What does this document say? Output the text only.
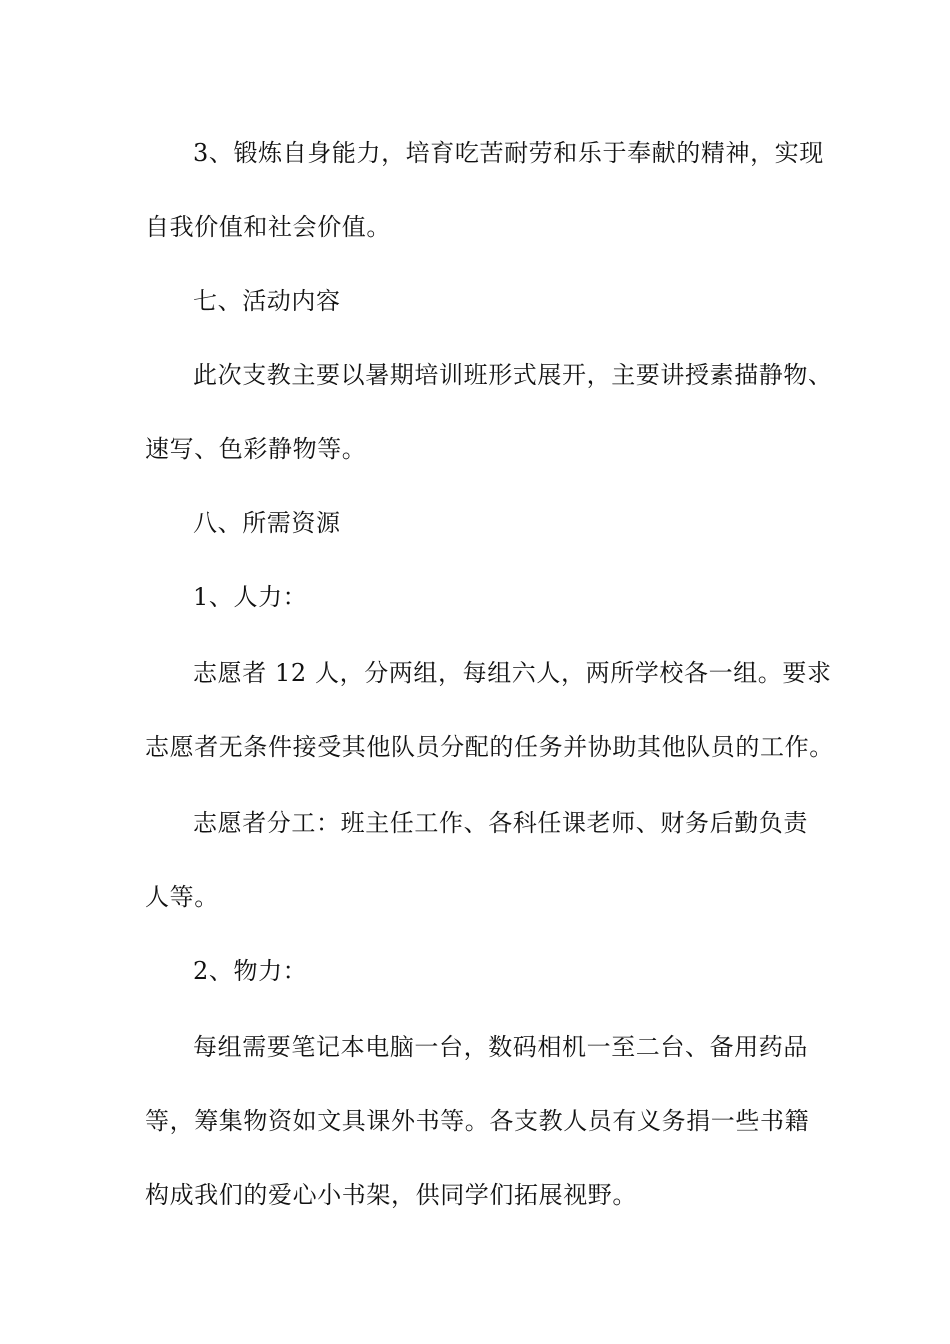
3、锻炼自身能力，培育吃苦耐劳和乐于奉献的精神，实现
自我价值和社会价值。
七、活动内容
此次支教主要以暑期培训班形式展开，主要讲授素描静物、
速写、色彩静物等。
八、所需资源
1、人力：
志愿者 12 人，分两组，每组六人，两所学校各一组。要求
志愿者无条件接受其他队员分配的任务并协助其他队员的工作。
志愿者分工：班主任工作、各科任课老师、财务后勤负责
人等。
2、物力：
每组需要笔记本电脑一台，数码相机一至二台、备用药品
等，筹集物资如文具课外书等。各支教人员有义务捐一些书籍
构成我们的爱心小书架，供同学们拓展视野。
